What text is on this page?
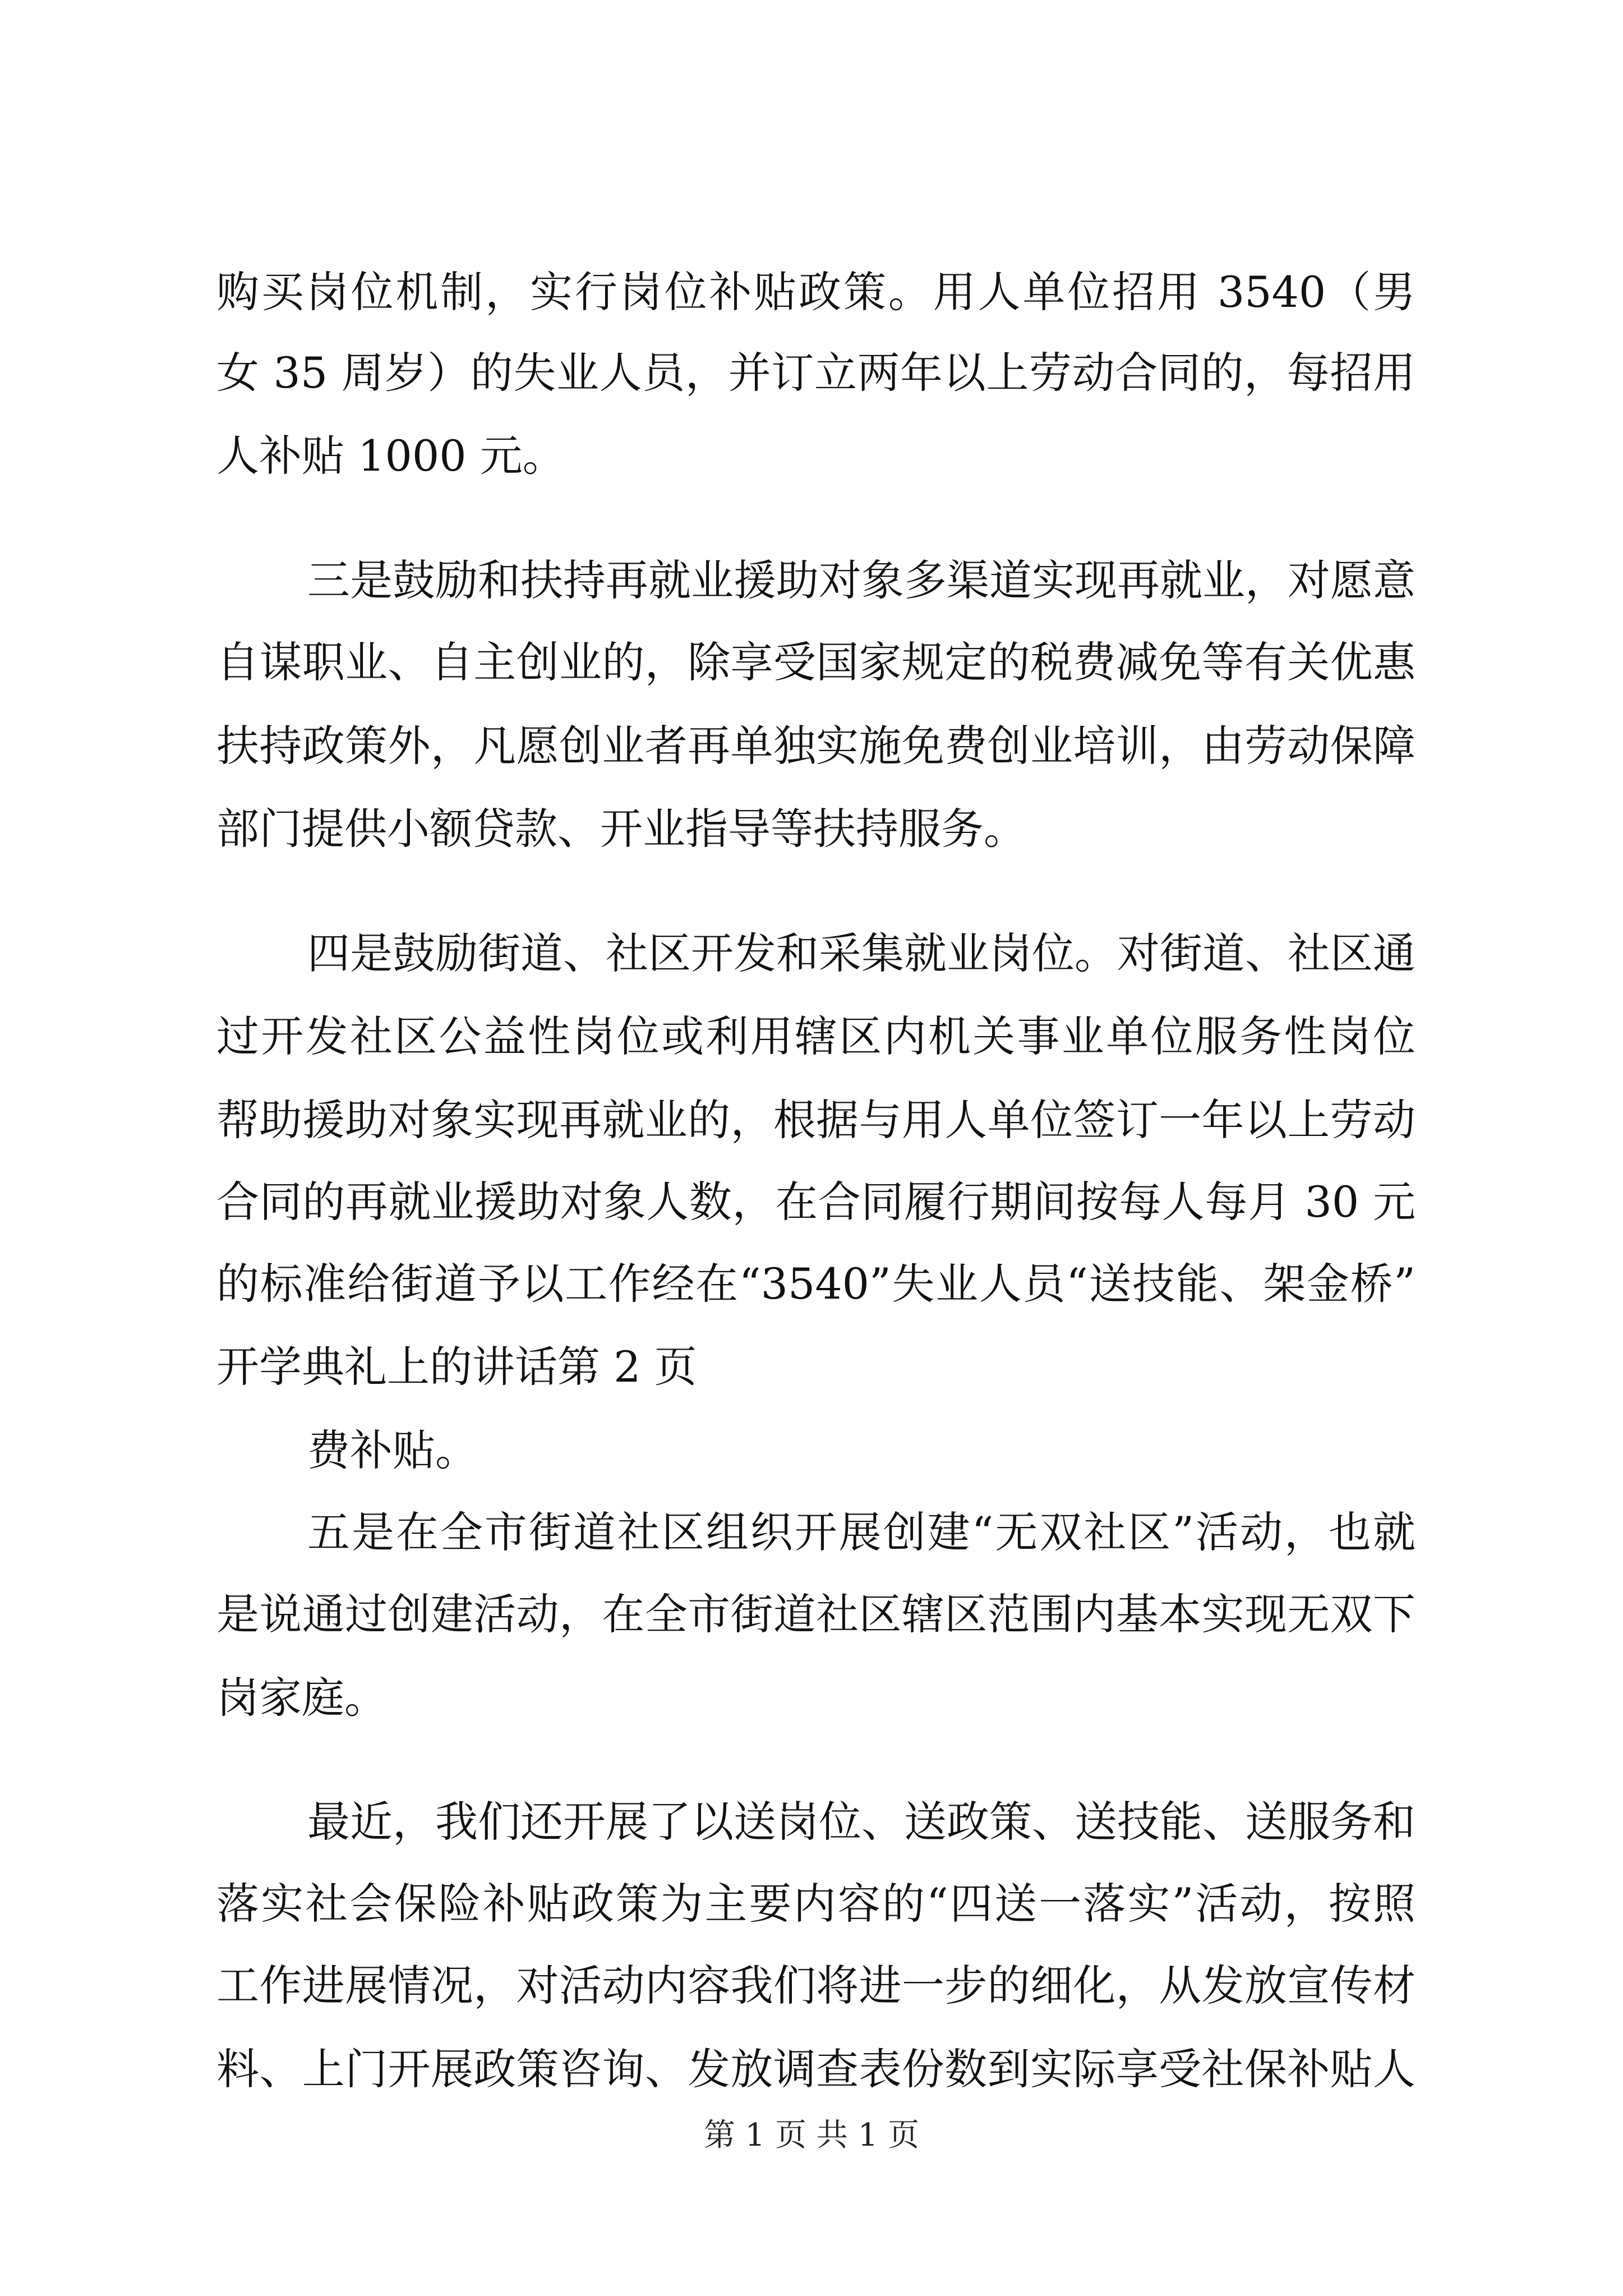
购买岗位机制，实行岗位补贴政策。用人单位招用 3540（男
女 35 周岁）的失业人员，并订立两年以上劳动合同的，每招用
人补贴 1000 元。
三是鼓励和扶持再就业援助对象多渠道实现再就业，对愿意
自谋职业、自主创业的，除享受国家规定的税费减免等有关优惠
扶持政策外，凡愿创业者再单独实施免费创业培训，由劳动保障
部门提供小额贷款、开业指导等扶持服务。
四是鼓励街道、社区开发和采集就业岗位。对街道、社区通
过开发社区公益性岗位或利用辖区内机关事业单位服务性岗位
帮助援助对象实现再就业的，根据与用人单位签订一年以上劳动
合同的再就业援助对象人数，在合同履行期间按每人每月 30 元
的标准给街道予以工作经在“3540”失业人员“送技能、架金桥”
开学典礼上的讲话第 2 页
费补贴。
五是在全市街道社区组织开展创建“无双社区”活动，也就
是说通过创建活动，在全市街道社区辖区范围内基本实现无双下
岗家庭。
最近，我们还开展了以送岗位、送政策、送技能、送服务和
落实社会保险补贴政策为主要内容的“四送一落实”活动，按照
工作进展情况，对活动内容我们将进一步的细化，从发放宣传材
料、上门开展政策咨询、发放调查表份数到实际享受社保补贴人
第 1 页 共 1 页
